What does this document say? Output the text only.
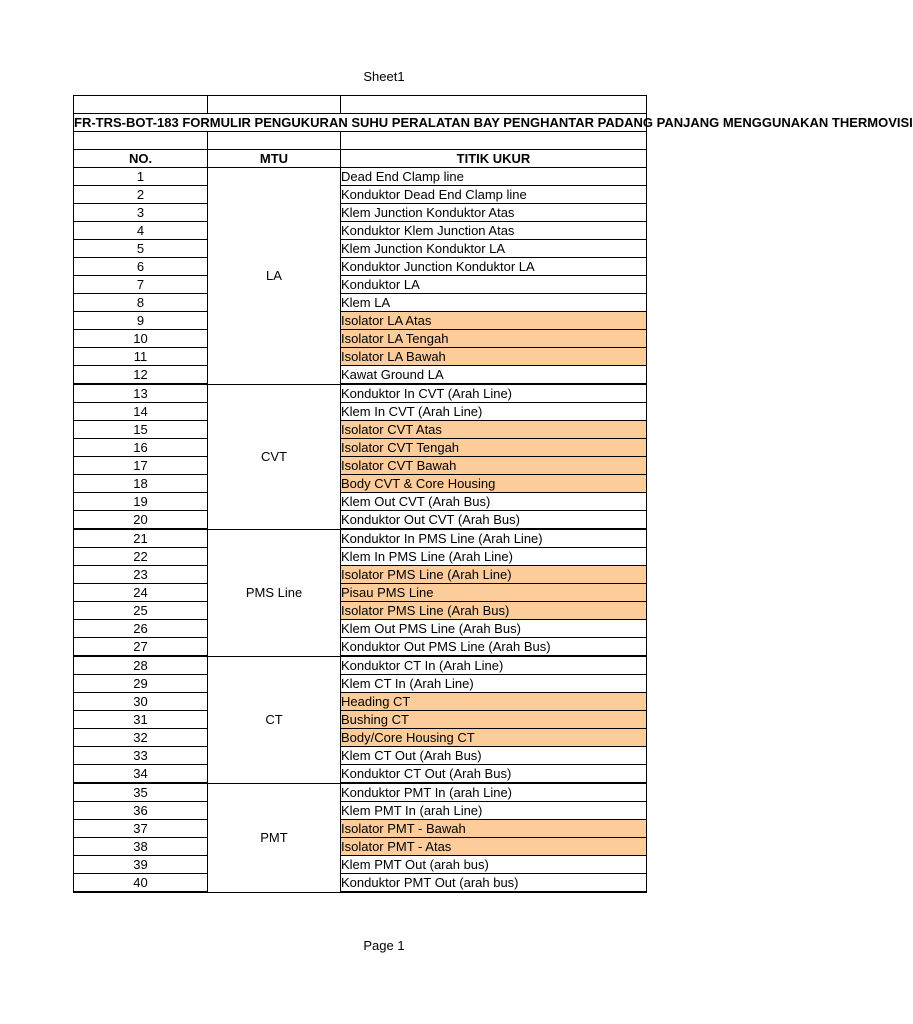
Sheet1

FR-TRS-BOT-183 FORMULIR PENGUKURAN SUHU PERALATAN BAY PENGHANTAR PADANG PANJANG MENGGUNAKAN THERMOVISI		

NO.	MTU	TITIK UKUR
1	LA	Dead End Clamp line
2		Konduktor Dead End Clamp line
3		Klem Junction Konduktor Atas
4		Konduktor Klem Junction Atas
5		Klem Junction Konduktor LA
6		Konduktor Junction Konduktor LA
7		Konduktor LA
8		Klem LA
9		Isolator LA Atas
10		Isolator LA Tengah
11		Isolator LA Bawah
12		Kawat Ground LA
13	CVT	Konduktor In CVT (Arah Line)
14		Klem In CVT (Arah Line)
15		Isolator CVT Atas
16		Isolator CVT Tengah
17		Isolator CVT Bawah
18		Body CVT & Core Housing
19		Klem Out CVT (Arah Bus)
20		Konduktor Out CVT (Arah Bus)
21	PMS Line	Konduktor In PMS Line (Arah Line)
22		Klem In PMS Line (Arah Line)
23		Isolator PMS Line (Arah Line)
24		Pisau PMS Line
25		Isolator PMS Line (Arah Bus)
26		Klem Out PMS Line (Arah Bus)
27		Konduktor Out PMS Line (Arah Bus)
28	CT	Konduktor CT In (Arah Line)
29		Klem CT In (Arah Line)
30		Heading CT
31		Bushing CT
32		Body/Core Housing CT
33		Klem CT Out (Arah Bus)
34		Konduktor CT Out (Arah Bus)
35	PMT	Konduktor PMT In (arah Line)
36		Klem PMT In (arah Line)
37		Isolator PMT - Bawah
38		Isolator PMT - Atas
39		Klem PMT Out (arah bus)
40		Konduktor PMT Out (arah bus)
Page 1
